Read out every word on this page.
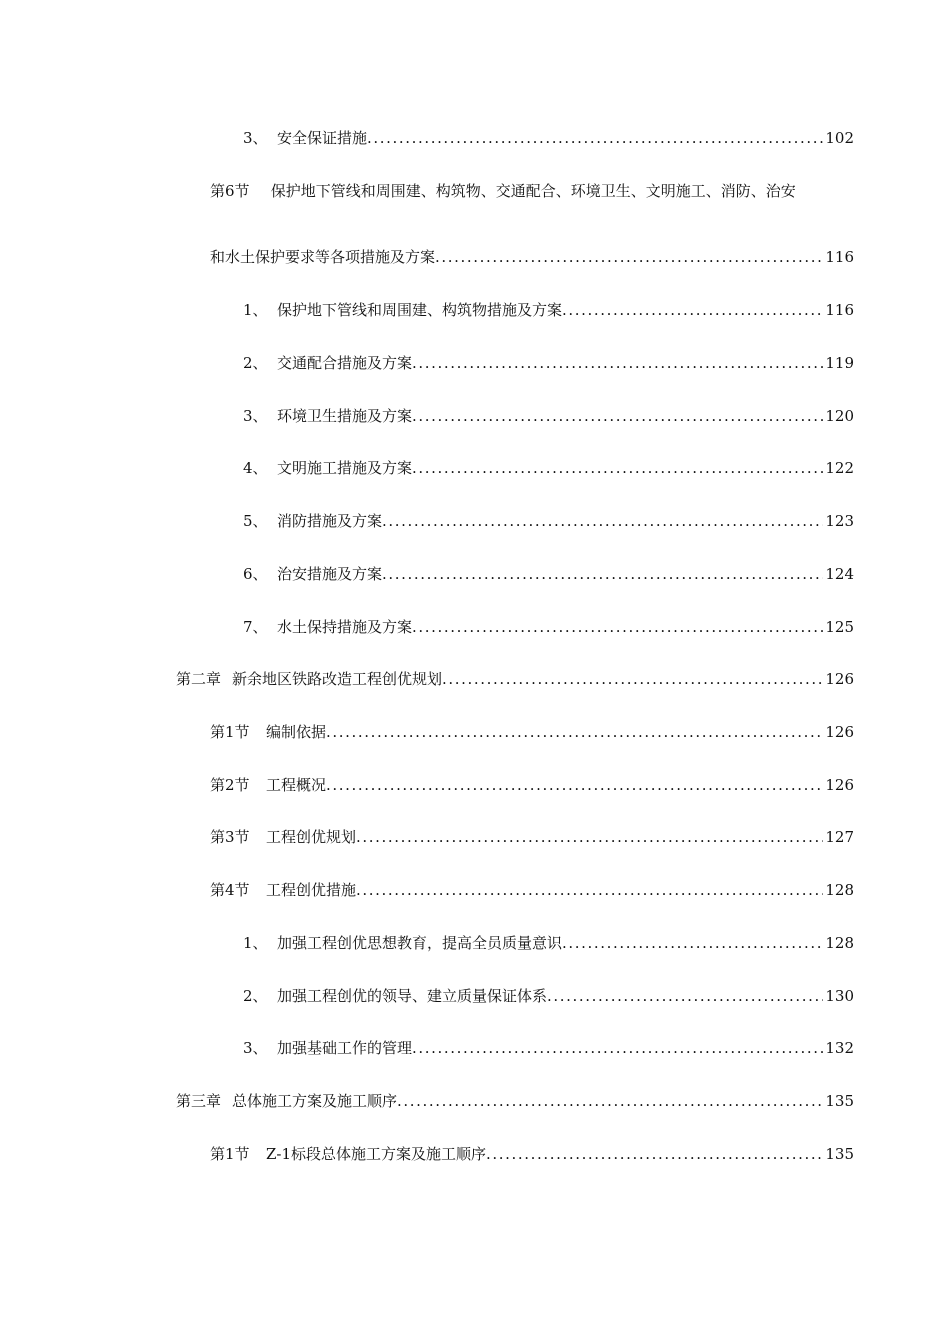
3、 安全保证措施 .....	102
第6节 保护地下管线和周围建、构筑物、交通配合、环境卫生、文明施工、消防、治安
和水土保护要求等各项措施及方案 .....	116
1、 保护地下管线和周围建、构筑物措施及方案 .....	116
2、 交通配合措施及方案 .....	119
3、 环境卫生措施及方案 .....	120
4、 文明施工措施及方案 .....	122
5、 消防措施及方案 .....	123
6、 治安措施及方案 .....	124
7、 水土保持措施及方案 .....	125
第二章 新余地区铁路改造工程创优规划 .....	126
第1节	编制依据 .....	126
第2节	工程概况 .....	126
第3节	工程创优规划 .....	127
第4节	工程创优措施 .....	128
1、 加强工程创优思想教育，提高全员质量意识 .....	128
2、 加强工程创优的领导、建立质量保证体系 .....	130
3、 加强基础工作的管理 .....	132
第三章 总体施工方案及施工顺序 .....	135
第1节	Z-1标段总体施工方案及施工顺序 .....	135
